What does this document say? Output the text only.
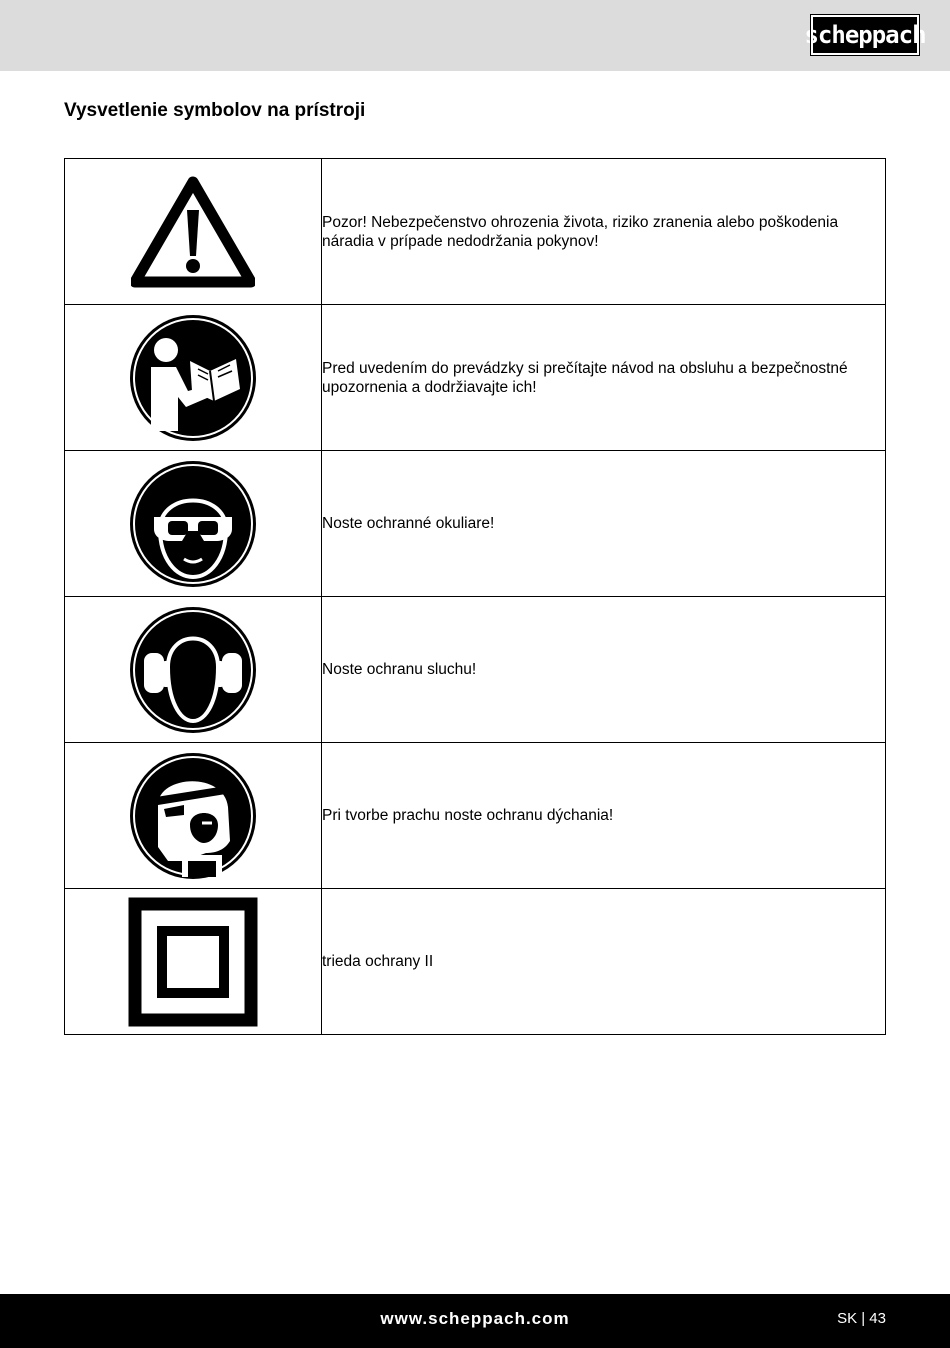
scheppach
Vysvetlenie symbolov na prístroji
	Pozor! Nebezpečenstvo ohrozenia života, riziko zranenia alebo poškodenia náradia v prípade nedodržania pokynov!

	Pred uvedením do prevádzky si prečítajte návod na obsluhu a bezpečnostné upozornenia a dodržiavajte ich!

	Noste ochranné okuliare!

	Noste ochranu sluchu!

	Pri tvorbe prachu noste ochranu dýchania!

	trieda ochrany II
www.scheppach.com	SK | 43
